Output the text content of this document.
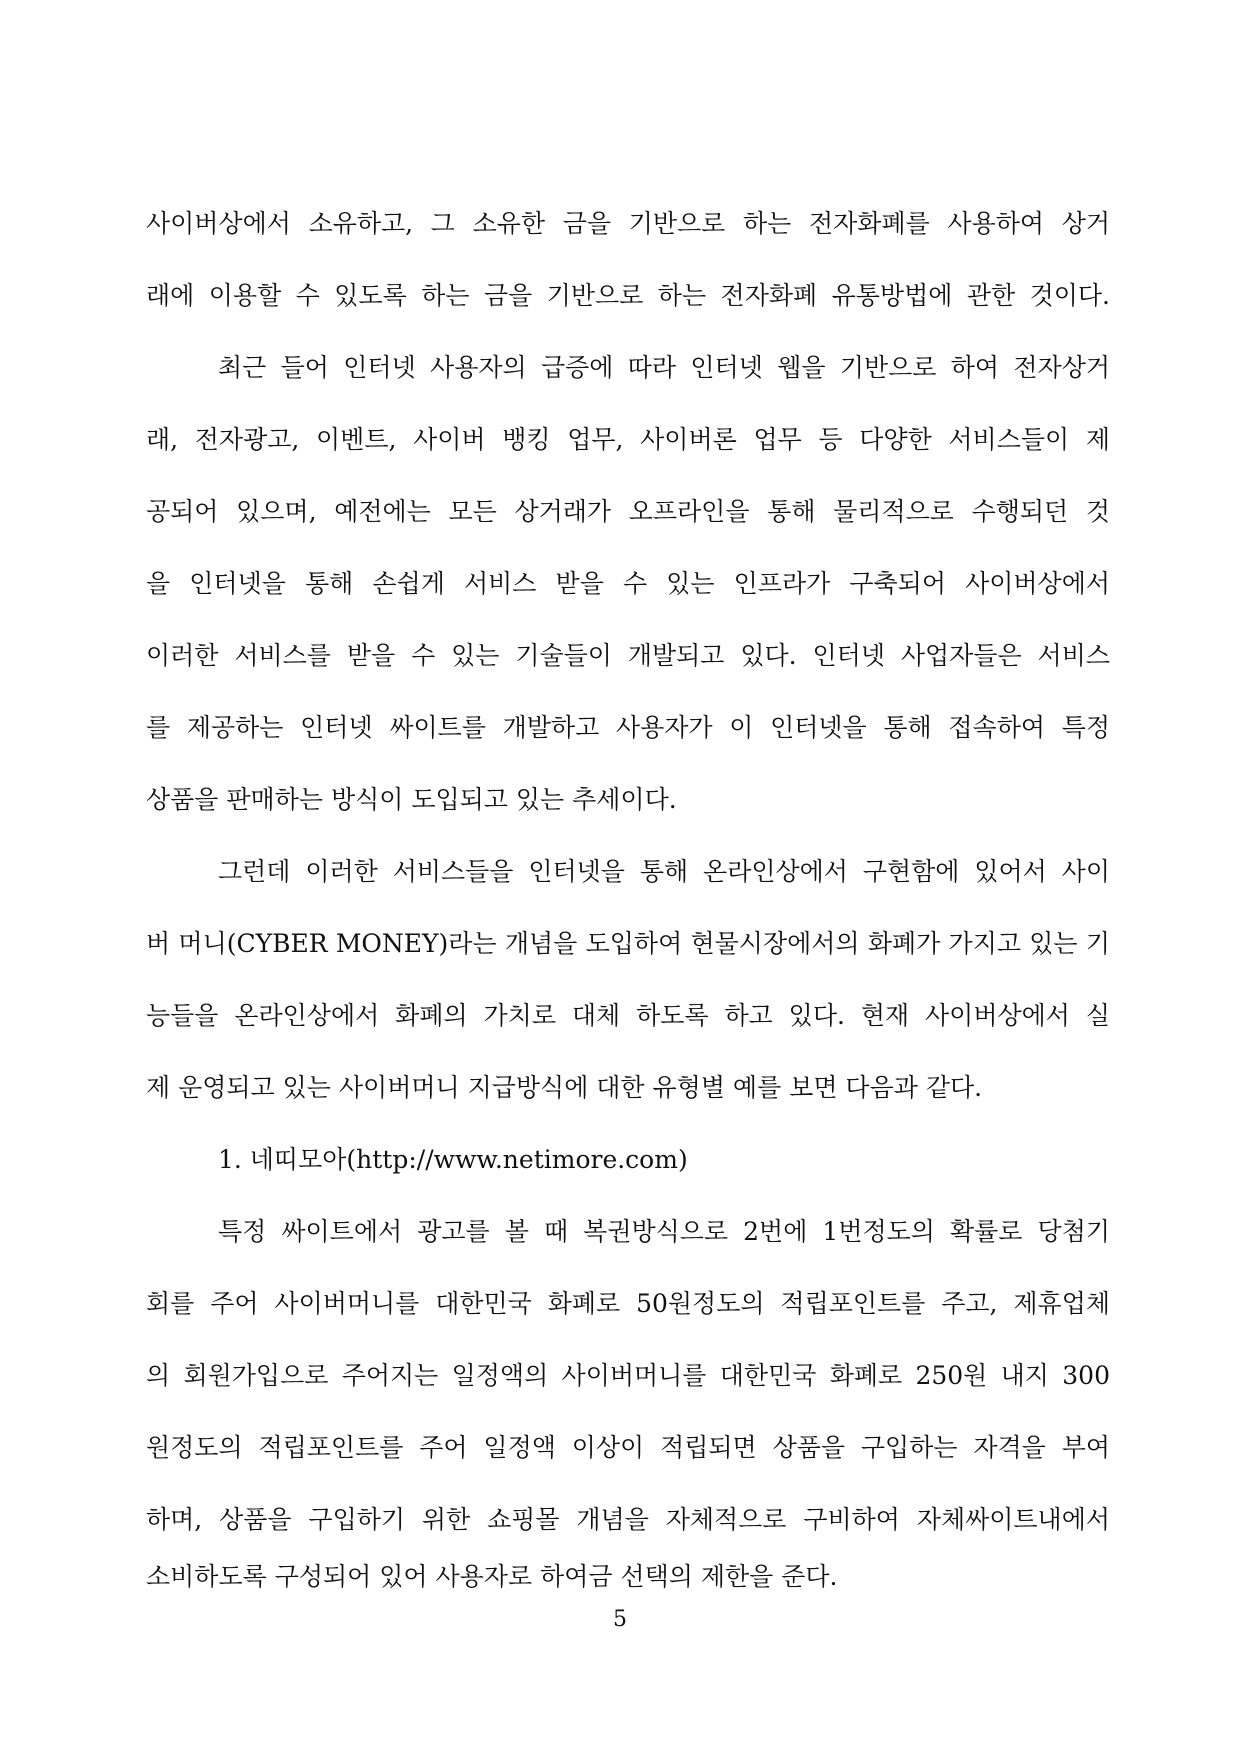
사이버상에서 소유하고, 그 소유한 금을 기반으로 하는 전자화폐를 사용하여 상거
래에 이용할 수 있도록 하는 금을 기반으로 하는 전자화폐 유통방법에 관한 것이다.
최근 들어 인터넷 사용자의 급증에 따라 인터넷 웹을 기반으로 하여 전자상거
래, 전자광고, 이벤트, 사이버 뱅킹 업무, 사이버론 업무 등 다양한 서비스들이 제
공되어 있으며, 예전에는 모든 상거래가 오프라인을 통해 물리적으로 수행되던 것
을 인터넷을 통해 손쉽게 서비스 받을 수 있는 인프라가 구축되어 사이버상에서
이러한 서비스를 받을 수 있는 기술들이 개발되고 있다. 인터넷 사업자들은 서비스
를 제공하는 인터넷 싸이트를 개발하고 사용자가 이 인터넷을 통해 접속하여 특정
상품을 판매하는 방식이 도입되고 있는 추세이다.
그런데 이러한 서비스들을 인터넷을 통해 온라인상에서 구현함에 있어서 사이
버 머니(CYBER MONEY)라는 개념을 도입하여 현물시장에서의 화폐가 가지고 있는 기
능들을 온라인상에서 화폐의 가치로 대체 하도록 하고 있다. 현재 사이버상에서 실
제 운영되고 있는 사이버머니 지급방식에 대한 유형별 예를 보면 다음과 같다.
1. 네띠모아(http://www.netimore.com)
특정 싸이트에서 광고를 볼 때 복권방식으로 2번에 1번정도의 확률로 당첨기
회를 주어 사이버머니를 대한민국 화폐로 50원정도의 적립포인트를 주고, 제휴업체
의 회원가입으로 주어지는 일정액의 사이버머니를 대한민국 화폐로 250원 내지 300
원정도의 적립포인트를 주어 일정액 이상이 적립되면 상품을 구입하는 자격을 부여
하며, 상품을 구입하기 위한 쇼핑몰 개념을 자체적으로 구비하여 자체싸이트내에서
소비하도록 구성되어 있어 사용자로 하여금 선택의 제한을 준다.
5
